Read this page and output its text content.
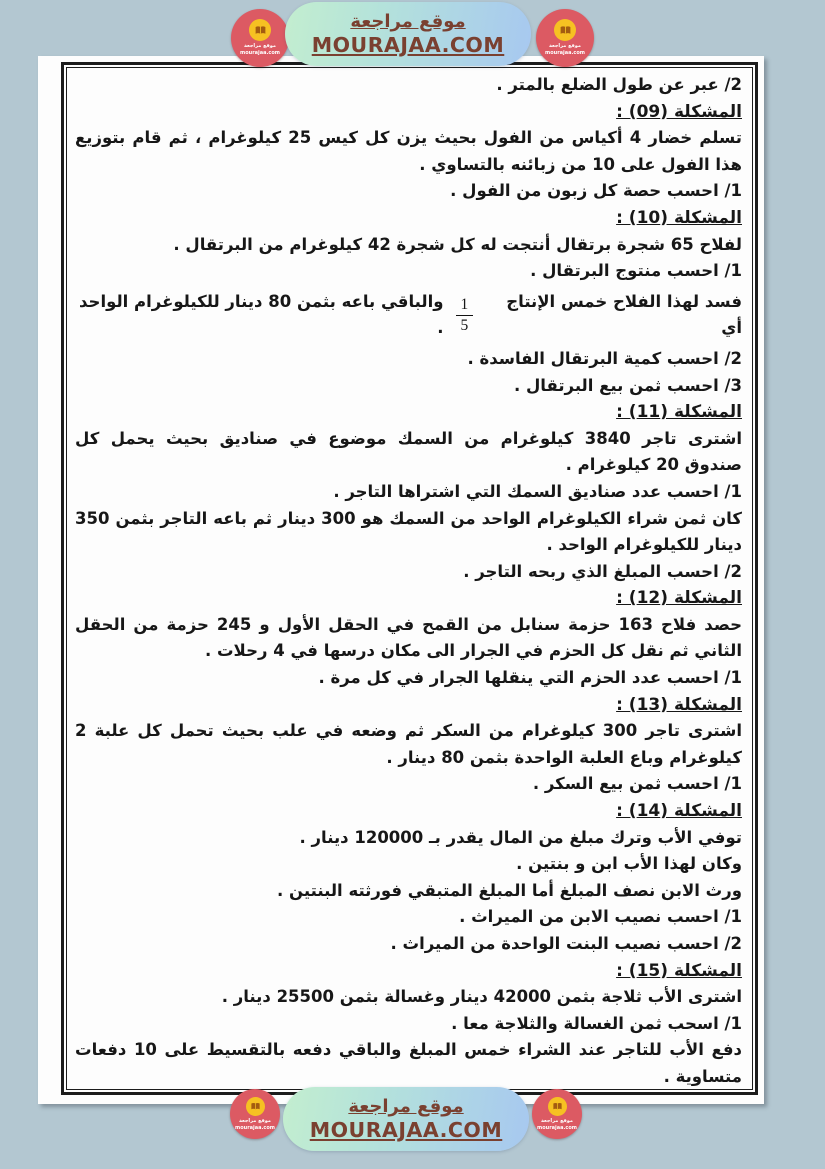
2/ عبر عن طول الضلع بالمتر .
المشكلة (09) :
تسلم خضار 4 أكياس من الفول بحيث يزن كل كيس 25 كيلوغرام ، ثم قام بتوزيع هذا الفول على 10 من زبائنه بالتساوي .
1/ احسب حصة كل زبون من الفول .
المشكلة (10) :
لفلاح 65 شجرة برتقال أنتجت له كل شجرة 42 كيلوغرام من البرتقال .
1/ احسب منتوج البرتقال .
فسد لهذا الفلاح خمس الإنتاج أي
$\frac{1}{5}$
والباقي باعه بثمن 80 دينار للكيلوغرام الواحد .
2/ احسب كمية البرتقال الفاسدة .
3/ احسب ثمن بيع البرتقال .
المشكلة (11) :
اشترى تاجر 3840 كيلوغرام من السمك موضوع في صناديق بحيث يحمل كل صندوق 20 كيلوغرام .
1/ احسب عدد صناديق السمك التي اشتراها التاجر .
كان ثمن شراء الكيلوغرام الواحد من السمك هو 300 دينار ثم باعه التاجر بثمن 350 دينار للكيلوغرام الواحد .
2/ احسب المبلغ الذي ربحه التاجر .
المشكلة (12) :
حصد فلاح 163 حزمة سنابل من القمح في الحقل الأول و 245 حزمة من الحقل الثاني ثم نقل كل الحزم في الجرار الى مكان درسها في 4 رحلات .
1/ احسب عدد الحزم التي ينقلها الجرار في كل مرة .
المشكلة (13) :
اشترى تاجر 300 كيلوغرام من السكر ثم وضعه في علب بحيث تحمل كل علبة 2 كيلوغرام وباع العلبة الواحدة بثمن 80 دينار .
1/ احسب ثمن بيع السكر .
المشكلة (14) :
توفي الأب وترك مبلغ من المال يقدر بـ 120000 دينار .
وكان لهذا الأب ابن و بنتين .
ورث الابن نصف المبلغ أما المبلغ المتبقي فورثته البنتين .
1/ احسب نصيب الابن من الميراث .
2/ احسب نصيب البنت الواحدة من الميراث .
المشكلة (15) :
اشترى الأب ثلاجة بثمن 42000 دينار وغسالة بثمن 25500 دينار .
1/ اسحب ثمن الغسالة والثلاجة معا .
دفع الأب للتاجر عند الشراء خمس المبلغ والباقي دفعه بالتقسيط على 10 دفعات متساوية .
موقع مراجعة
mourajaa.com
موقع مراجعة
MOURAJAA.COM	موقع مراجعة
mourajaa.com
موقع مراجعة
mourajaa.com
موقع مراجعة
MOURAJAA.COM	موقع مراجعة
mourajaa.com
